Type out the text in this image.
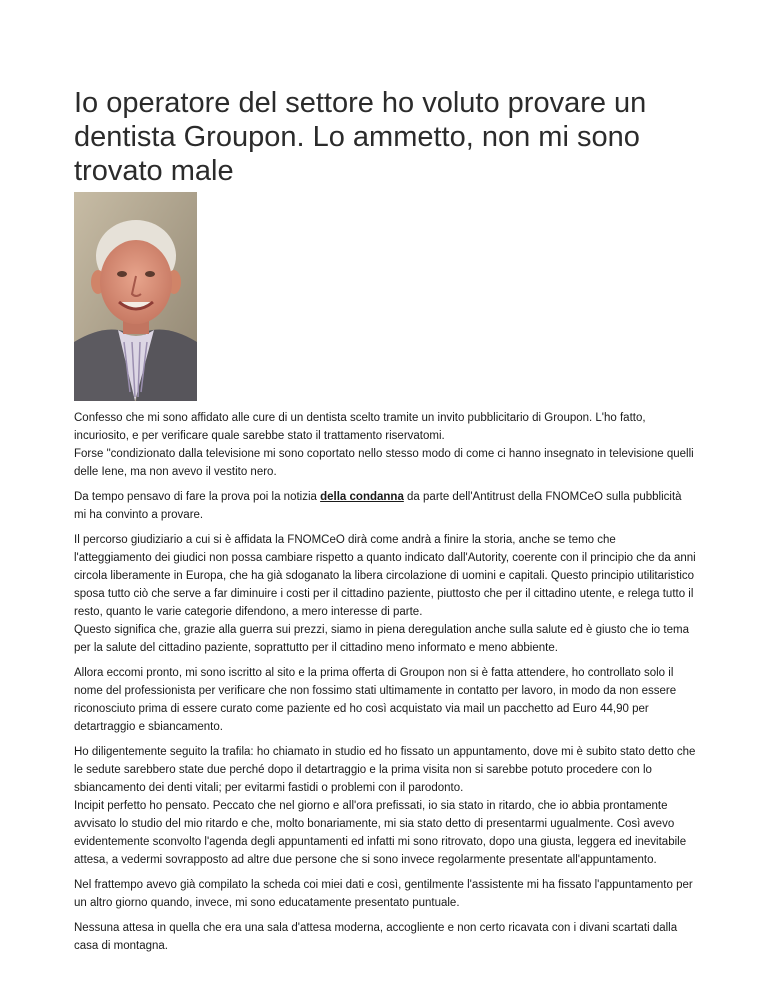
Io operatore del settore ho voluto provare un dentista Groupon. Lo ammetto, non mi sono trovato male

Confesso che mi sono affidato alle cure di un dentista scelto tramite un invito pubblicitario di Groupon. L'ho fatto, incuriosito, e per verificare quale sarebbe stato il trattamento riservatomi.
Forse "condizionato dalla televisione mi sono coportato nello stesso modo di come ci hanno insegnato in televisione quelli delle Iene, ma non avevo il vestito nero.

Da tempo pensavo di fare la prova poi la notizia della condanna da parte dell'Antitrust della FNOMCeO sulla pubblicità mi ha convinto a provare.

Il percorso giudiziario a cui si è affidata la FNOMCeO dirà come andrà a finire la storia, anche se temo che l'atteggiamento dei giudici non possa cambiare rispetto a quanto indicato dall'Autority, coerente con il principio che da anni circola liberamente in Europa, che ha già sdoganato la libera circolazione di uomini e capitali. Questo principio utilitaristico sposa tutto ciò che serve a far diminuire i costi per il cittadino paziente, piuttosto che per il cittadino utente, e relega tutto il resto, quanto le varie categorie difendono, a mero interesse di parte.
Questo significa che, grazie alla guerra sui prezzi, siamo in piena deregulation anche sulla salute ed è giusto che io tema per la salute del cittadino paziente, soprattutto per il cittadino meno informato e meno abbiente.

Allora eccomi pronto, mi sono iscritto al sito e la prima offerta di Groupon non si è fatta attendere, ho controllato solo il nome del professionista per verificare che non fossimo stati ultimamente in contatto per lavoro, in modo da non essere riconosciuto prima di essere curato come paziente ed ho così acquistato via mail un pacchetto ad Euro 44,90 per detartraggio e sbiancamento.

Ho diligentemente seguito la trafila: ho chiamato in studio ed ho fissato un appuntamento, dove mi è subito stato detto che le sedute sarebbero state due perché dopo il detartraggio e la prima visita non si sarebbe potuto procedere con lo sbiancamento dei denti vitali; per evitarmi fastidi o problemi con il parodonto.
Incipit perfetto ho pensato. Peccato che nel giorno e all'ora prefissati, io sia stato in ritardo, che io abbia prontamente avvisato lo studio del mio ritardo e che, molto bonariamente, mi sia stato detto di presentarmi ugualmente. Così avevo evidentemente sconvolto l'agenda degli appuntamenti ed infatti mi sono ritrovato, dopo una giusta, leggera ed inevitabile attesa, a vedermi sovrapposto ad altre due persone che si sono invece regolarmente presentate all'appuntamento.

Nel frattempo avevo già compilato la scheda coi miei dati e così, gentilmente l'assistente mi ha fissato l'appuntamento per un altro giorno quando, invece, mi sono educatamente presentato puntuale.

Nessuna attesa in quella che era una sala d'attesa moderna, accogliente e non certo ricavata con i divani scartati dalla casa di montagna.
